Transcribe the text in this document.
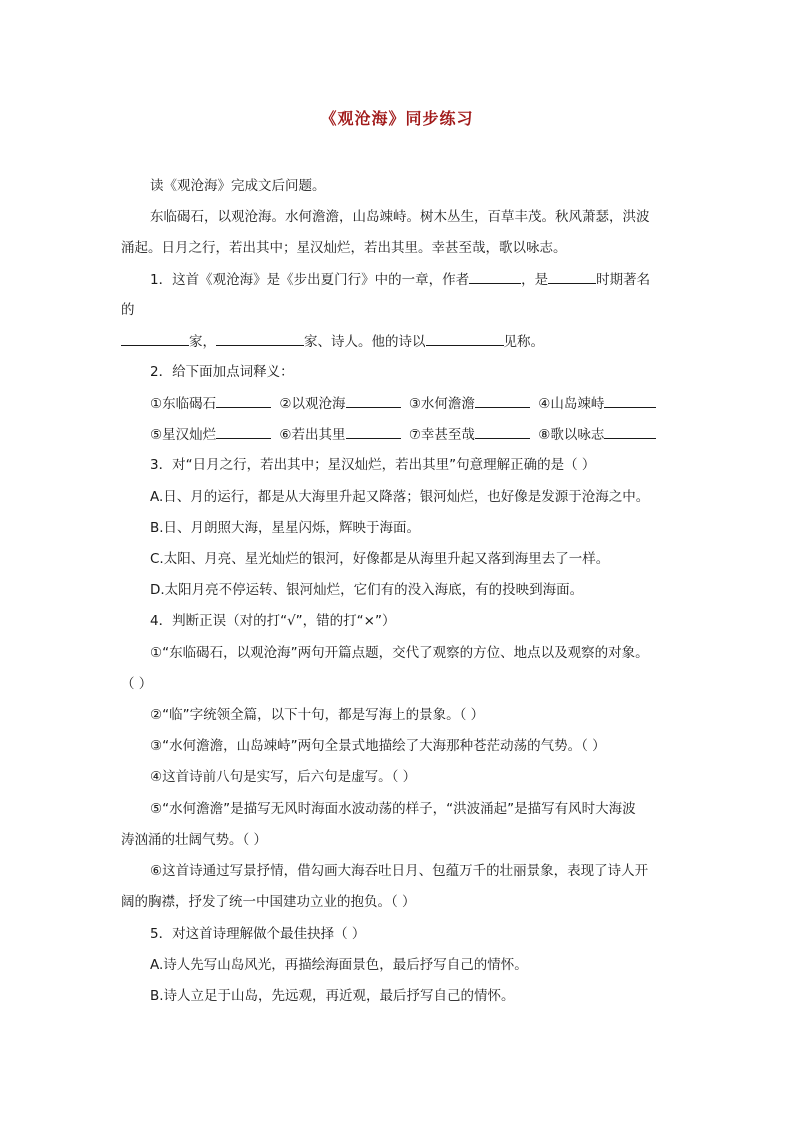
《观沧海》同步练习
读《观沧海》完成文后问题。
东临碣石，以观沧海。水何澹澹，山岛竦峙。树木丛生，百草丰茂。秋风萧瑟，洪波
涌起。日月之行，若出其中；星汉灿烂，若出其里。幸甚至哉，歌以咏志。
1．这首《观沧海》是《步出夏门行》中的一章，作者	，是	时期著名
的
家，	家、诗人。他的诗以	见称。
2．给下面加点词释义：
①东临碣石	②以观沧海	③水何澹澹	④山岛竦峙
⑤星汉灿烂	⑥若出其里	⑦幸甚至哉	⑧歌以咏志
3．对“日月之行，若出其中；星汉灿烂，若出其里”句意理解正确的是（ ）
A.日、月的运行，都是从大海里升起又降落；银河灿烂，也好像是发源于沧海之中。
B.日、月朗照大海，星星闪烁，辉映于海面。
C.太阳、月亮、星光灿烂的银河，好像都是从海里升起又落到海里去了一样。
D.太阳月亮不停运转、银河灿烂，它们有的没入海底，有的投映到海面。
4．判断正误（对的打“√”，错的打“×”）
①“东临碣石，以观沧海”两句开篇点题，交代了观察的方位、地点以及观察的对象。
（ ）
②“临”字统领全篇，以下十句，都是写海上的景象。（ ）
③“水何澹澹，山岛竦峙”两句全景式地描绘了大海那种苍茫动荡的气势。（ ）
④这首诗前八句是实写，后六句是虚写。（ ）
⑤“水何澹澹”是描写无风时海面水波动荡的样子，“洪波涌起”是描写有风时大海波
涛汹涌的壮阔气势。（ ）
⑥这首诗通过写景抒情，借勾画大海吞吐日月、包蕴万千的壮丽景象，表现了诗人开
阔的胸襟，抒发了统一中国建功立业的抱负。（ ）
5．对这首诗理解做个最佳抉择（ ）
A.诗人先写山岛风光，再描绘海面景色，最后抒写自己的情怀。
B.诗人立足于山岛，先远观，再近观，最后抒写自己的情怀。
